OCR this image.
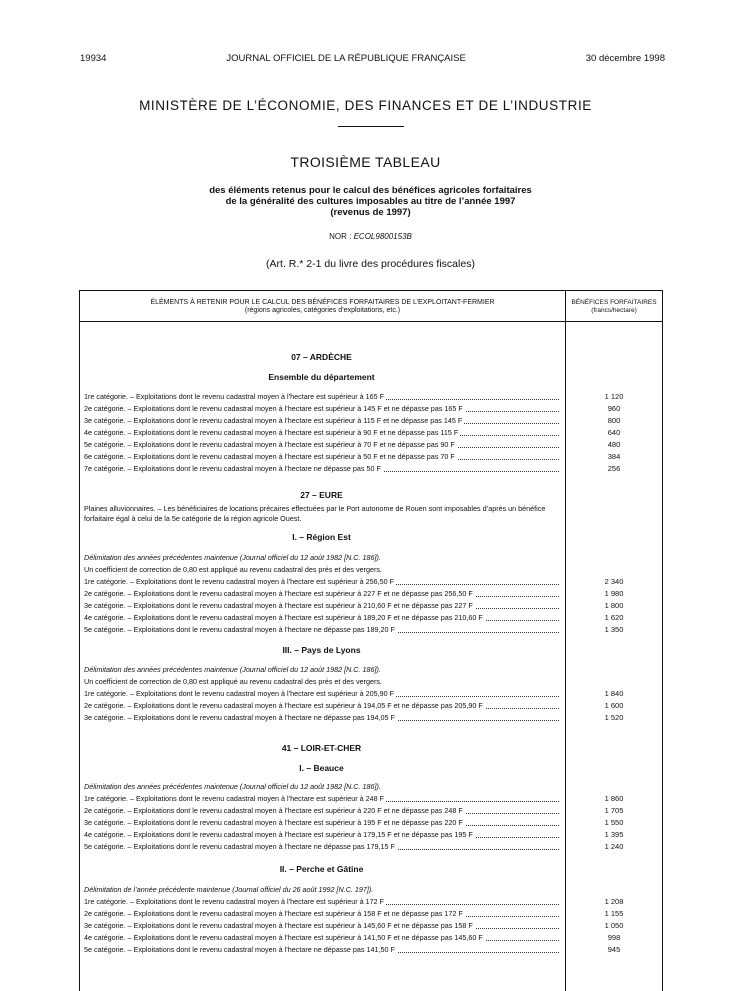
19934	JOURNAL OFFICIEL DE LA RÉPUBLIQUE FRANÇAISE	30 décembre 1998
MINISTÈRE DE L’ÉCONOMIE, DES FINANCES ET DE L’INDUSTRIE
TROISIÈME TABLEAU
des éléments retenus pour le calcul des bénéfices agricoles forfaitaires
de la généralité des cultures imposables au titre de l’année 1997
(revenus de 1997)
NOR : ECOL9800153B
(Art. R.* 2-1 du livre des procédures fiscales)
ÉLÉMENTS À RETENIR POUR LE CALCUL DES BÉNÉFICES FORFAITAIRES DE L’EXPLOITANT-FERMIER
(régions agricoles, catégories d’exploitations, etc.)
BÉNÉFICES FORFAITAIRES
(francs/hectare)
07 – ARDÈCHE
Ensemble du département
1re catégorie. – Exploitations dont le revenu cadastral moyen à l’hectare est supérieur à 165 F	1 120
2e catégorie. – Exploitations dont le revenu cadastral moyen à l’hectare est supérieur à 145 F et ne dépasse pas 165 F	960
3e catégorie. – Exploitations dont le revenu cadastral moyen à l’hectare est supérieur à 115 F et ne dépasse pas 145 F	800
4e catégorie. – Exploitations dont le revenu cadastral moyen à l’hectare est supérieur à 90 F et ne dépasse pas 115 F	640
5e catégorie. – Exploitations dont le revenu cadastral moyen à l’hectare est supérieur à 70 F et ne dépasse pas 90 F	480
6e catégorie. – Exploitations dont le revenu cadastral moyen à l’hectare est supérieur à 50 F et ne dépasse pas 70 F	384
7e catégorie. – Exploitations dont le revenu cadastral moyen à l’hectare ne dépasse pas 50 F	256
27 – EURE
Plaines alluvionnaires. – Les bénéficiaires de locations précaires effectuées par le Port autonome de Rouen sont imposables d’après un bénéfice forfaitaire égal à celui de la 5e catégorie de la région agricole Ouest.
I. – Région Est
Délimitation des années précédentes maintenue (Journal officiel du 12 août 1982 [N.C. 186]).
Un coefficient de correction de 0,80 est appliqué au revenu cadastral des prés et des vergers.
1re catégorie. – Exploitations dont le revenu cadastral moyen à l’hectare est supérieur à 256,50 F	2 340
2e catégorie. – Exploitations dont le revenu cadastral moyen à l’hectare est supérieur à 227 F et ne dépasse pas 256,50 F	1 980
3e catégorie. – Exploitations dont le revenu cadastral moyen à l’hectare est supérieur à 210,60 F et ne dépasse pas 227 F	1 800
4e catégorie. – Exploitations dont le revenu cadastral moyen à l’hectare est supérieur à 189,20 F et ne dépasse pas 210,60 F	1 620
5e catégorie. – Exploitations dont le revenu cadastral moyen à l’hectare ne dépasse pas 189,20 F	1 350
III. – Pays de Lyons
Délimitation des années précédentes maintenue (Journal officiel du 12 août 1982 [N.C. 186]).
Un coefficient de correction de 0,80 est appliqué au revenu cadastral des prés et des vergers.
1re catégorie. – Exploitations dont le revenu cadastral moyen à l’hectare est supérieur à 205,90 F	1 840
2e catégorie. – Exploitations dont le revenu cadastral moyen à l’hectare est supérieur à 194,05 F et ne dépasse pas 205,90 F	1 600
3e catégorie. – Exploitations dont le revenu cadastral moyen à l’hectare ne dépasse pas 194,05 F	1 520
41 – LOIR-ET-CHER
I. – Beauce
Délimitation des années précédentes maintenue (Journal officiel du 12 août 1982 [N.C. 186]).
1re catégorie. – Exploitations dont le revenu cadastral moyen à l’hectare est supérieur à 248 F	1 860
2e catégorie. – Exploitations dont le revenu cadastral moyen à l’hectare est supérieur à 220 F et ne dépasse pas 248 F	1 705
3e catégorie. – Exploitations dont le revenu cadastral moyen à l’hectare est supérieur à 195 F et ne dépasse pas 220 F	1 550
4e catégorie. – Exploitations dont le revenu cadastral moyen à l’hectare est supérieur à 179,15 F et ne dépasse pas 195 F	1 395
5e catégorie. – Exploitations dont le revenu cadastral moyen à l’hectare ne dépasse pas 179,15 F	1 240
II. – Perche et Gâtine
Délimitation de l’année précédente maintenue (Journal officiel du 26 août 1992 [N.C. 197]).
1re catégorie. – Exploitations dont le revenu cadastral moyen à l’hectare est supérieur à 172 F	1 208
2e catégorie. – Exploitations dont le revenu cadastral moyen à l’hectare est supérieur à 158 F et ne dépasse pas 172 F	1 155
3e catégorie. – Exploitations dont le revenu cadastral moyen à l’hectare est supérieur à 145,60 F et ne dépasse pas 158 F	1 050
4e catégorie. – Exploitations dont le revenu cadastral moyen à l’hectare est supérieur à 141,50 F et ne dépasse pas 145,60 F	998
5e catégorie. – Exploitations dont le revenu cadastral moyen à l’hectare ne dépasse pas 141,50 F	945
